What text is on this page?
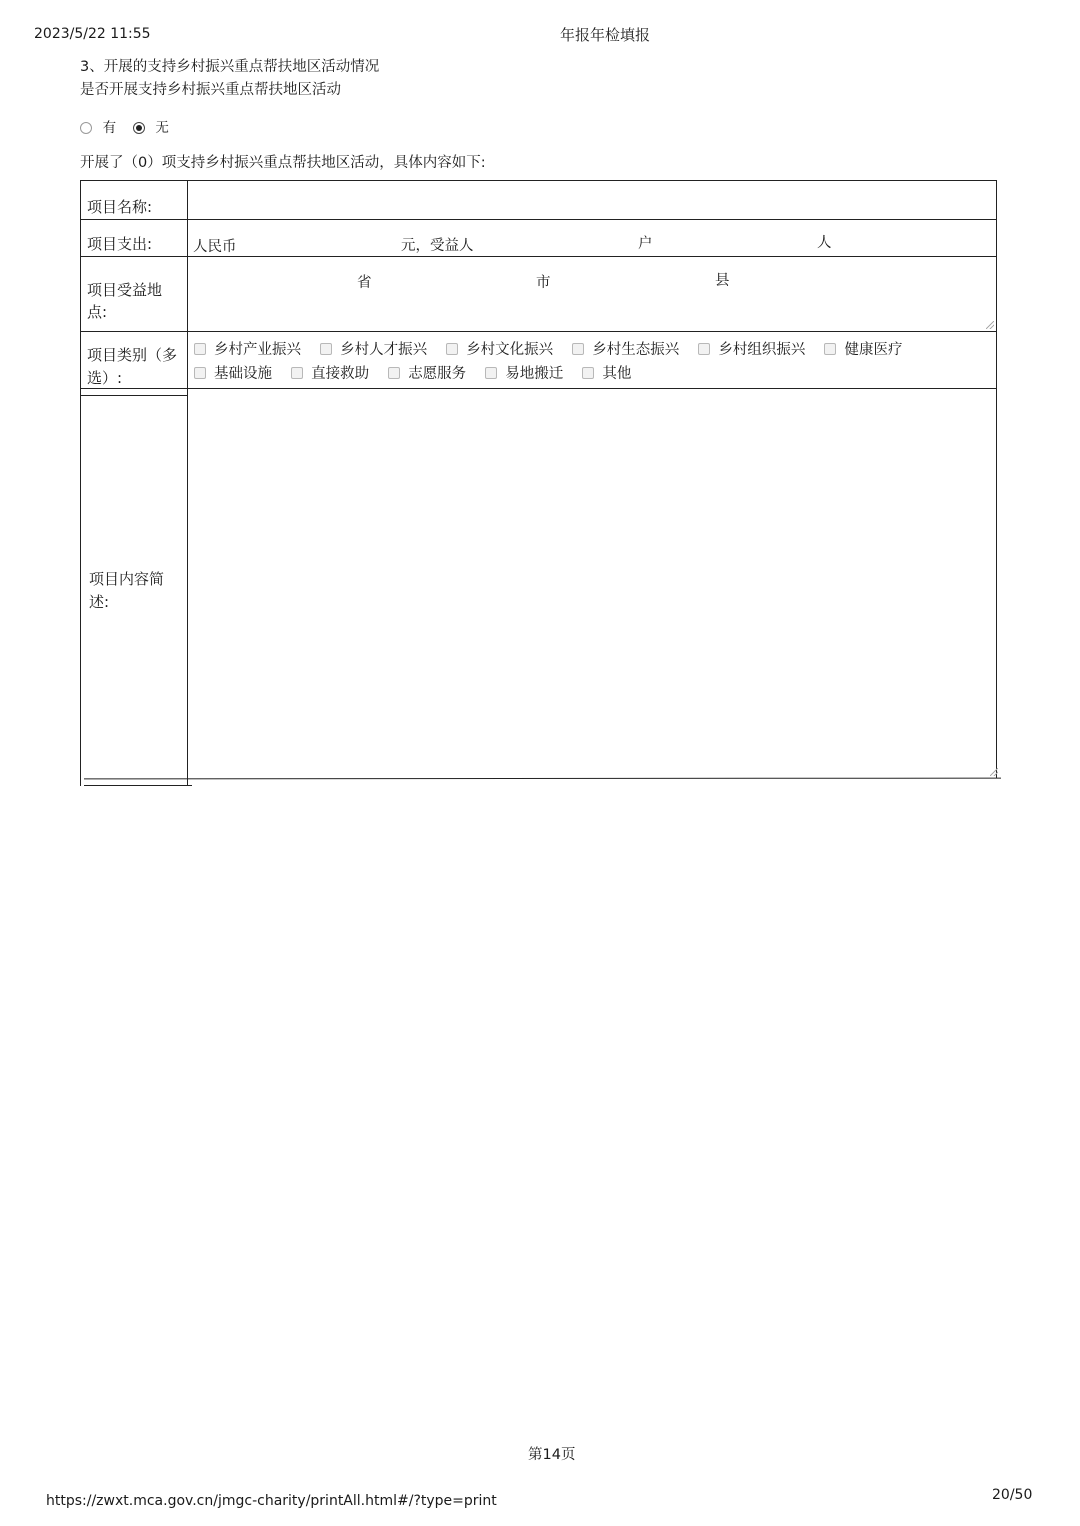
2023/5/22 11:55	年报年检填报
3、开展的支持乡村振兴重点帮扶地区活动情况
是否开展支持乡村振兴重点帮扶地区活动
有	无
开展了（0）项支持乡村振兴重点帮扶地区活动，具体内容如下:
项目名称:
项目支出:	人民币	元，受益人	户	人
项目受益地
点:
省	市	县
项目类别（多
选）:
乡村产业振兴	乡村人才振兴	乡村文化振兴	乡村生态振兴	乡村组织振兴	健康医疗
基础设施	直接救助	志愿服务	易地搬迁	其他
项目内容简
述:
第14页
https://zwxt.mca.gov.cn/jmgc-charity/printAll.html#/?type=print	20/50
